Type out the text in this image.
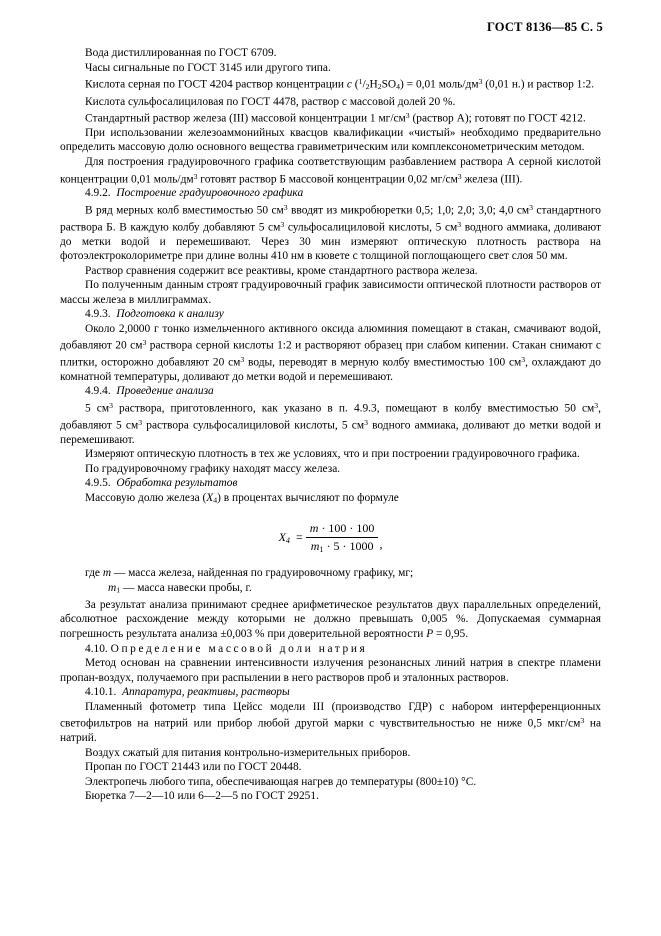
ГОСТ 8136—85 С. 5

Вода дистиллированная по ГОСТ 6709.

Часы сигнальные по ГОСТ 3145 или другого типа.

Кислота серная по ГОСТ 4204 раствор концентрации c $(^1/_2H_2SO_4) = 0,01$ моль/$дм^3$ (0,01 н.) и раствор 1:2.

Кислота сульфосалициловая по ГОСТ 4478, раствор с массовой долей 20 %.

Стандартный раствор железа (III) массовой концентрации 1 $мг/см^3$ (раствор А); готовят по ГОСТ 4212.

При использовании железоаммонийных квасцов квалификации «чистый» необходимо предварительно определить массовую долю основного вещества гравиметрическим или комплексонометрическим методом.

Для построения градуировочного графика соответствующим разбавлением раствора А серной кислотой концентрации 0,01 моль/$дм^3$ готовят раствор Б массовой концентрации 0,02 $мг/см^3$ железа (III).

4.9.2. Построение градуировочного графика

В ряд мерных колб вместимостью 50 $см^3$ вводят из микробюретки 0,5; 1,0; 2,0; 3,0; 4,0 $см^3$ стандартного раствора Б. В каждую колбу добавляют 5 $см^3$ сульфосалициловой кислоты, 5 $см^3$ водного аммиака, доливают до метки водой и перемешивают. Через 30 мин измеряют оптическую плотность раствора на фотоэлектроколориметре при длине волны 410 нм в кювете с толщиной поглощающего свет слоя 50 мм.

Раствор сравнения содержит все реактивы, кроме стандартного раствора железа.

По полученным данным строят градуировочный график зависимости оптической плотности растворов от массы железа в миллиграммах.

4.9.3. Подготовка к анализу

Около 2,0000 г тонко измельченного активного оксида алюминия помещают в стакан, смачивают водой, добавляют 20 $см^3$ раствора серной кислоты 1:2 и растворяют образец при слабом кипении. Стакан снимают с плитки, осторожно добавляют 20 $см^3$ воды, переводят в мерную колбу вместимостью 100 $см^3$, охлаждают до комнатной температуры, доливают до метки водой и перемешивают.

4.9.4. Проведение анализа

5 $см^3$ раствора, приготовленного, как указано в п. 4.9.3, помещают в колбу вместимостью 50 $см^3$, добавляют 5 $см^3$ раствора сульфосалициловой кислоты, 5 $см^3$ водного аммиака, доливают до метки водой и перемешивают.

Измеряют оптическую плотность в тех же условиях, что и при построении градуировочного графика.

По градуировочному графику находят массу железа.

4.9.5. Обработка результатов

Массовую долю железа $(X_4)$ в процентах вычисляют по формуле

$X_4 = \frac{m \cdot 100 \cdot 100}{m_1 \cdot 5 \cdot 1000}$ ,

где m — масса железа, найденная по градуировочному графику, мг;

$m_1$ — масса навески пробы, г.

За результат анализа принимают среднее арифметическое результатов двух параллельных определений, абсолютное расхождение между которыми не должно превышать 0,005 %. Допускаемая суммарная погрешность результата анализа ±0,003 % при доверительной вероятности P = 0,95.

4.10. Определение массовой доли натрия

Метод основан на сравнении интенсивности излучения резонансных линий натрия в спектре пламени пропан-воздух, получаемого при распылении в него растворов проб и эталонных растворов.

4.10.1. Аппаратура, реактивы, растворы

Пламенный фотометр типа Цейсс модели III (производство ГДР) с набором интерференционных светофильтров на натрий или прибор любой другой марки с чувствительностью не ниже 0,5 мкг/$см^3$ на натрий.

Воздух сжатый для питания контрольно-измерительных приборов.

Пропан по ГОСТ 21443 или по ГОСТ 20448.

Электропечь любого типа, обеспечивающая нагрев до температуры (800±10) °С.

Бюретка 7—2—10 или 6—2—5 по ГОСТ 29251.
